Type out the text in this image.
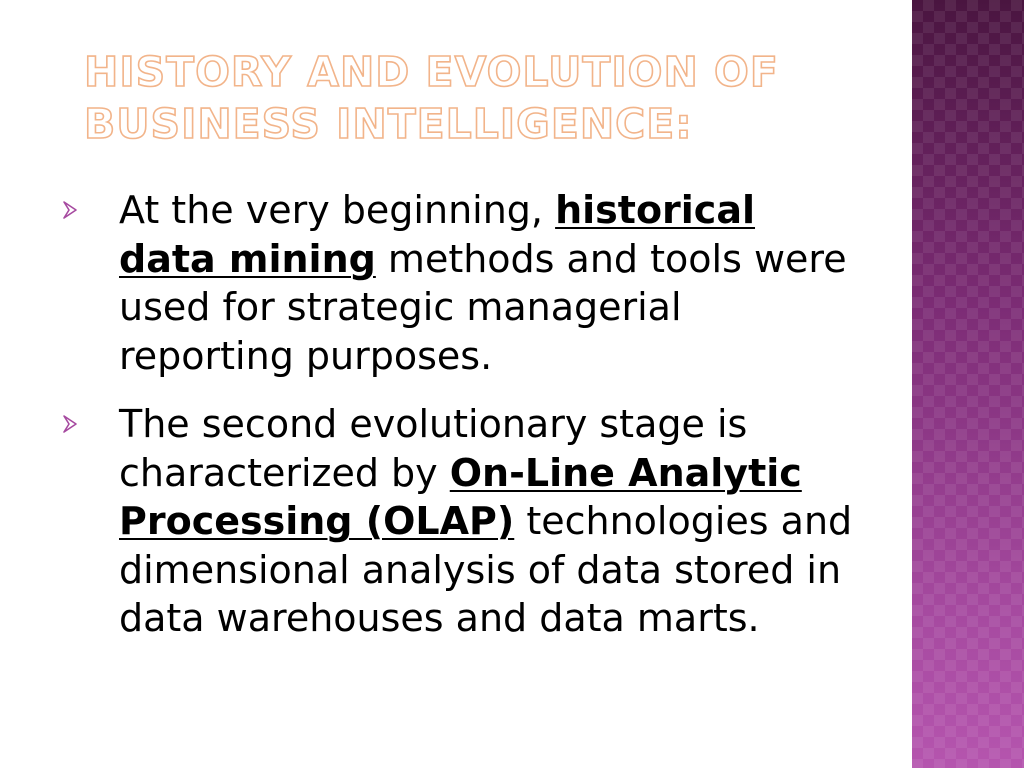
HISTORY AND EVOLUTION OF
BUSINESS INTELLIGENCE:
At the very beginning, historical data mining methods and tools were used for strategic managerial reporting purposes.
The second evolutionary stage is characterized by On-Line Analytic Processing (OLAP) technologies and dimensional analysis of data stored in data warehouses and data marts.
